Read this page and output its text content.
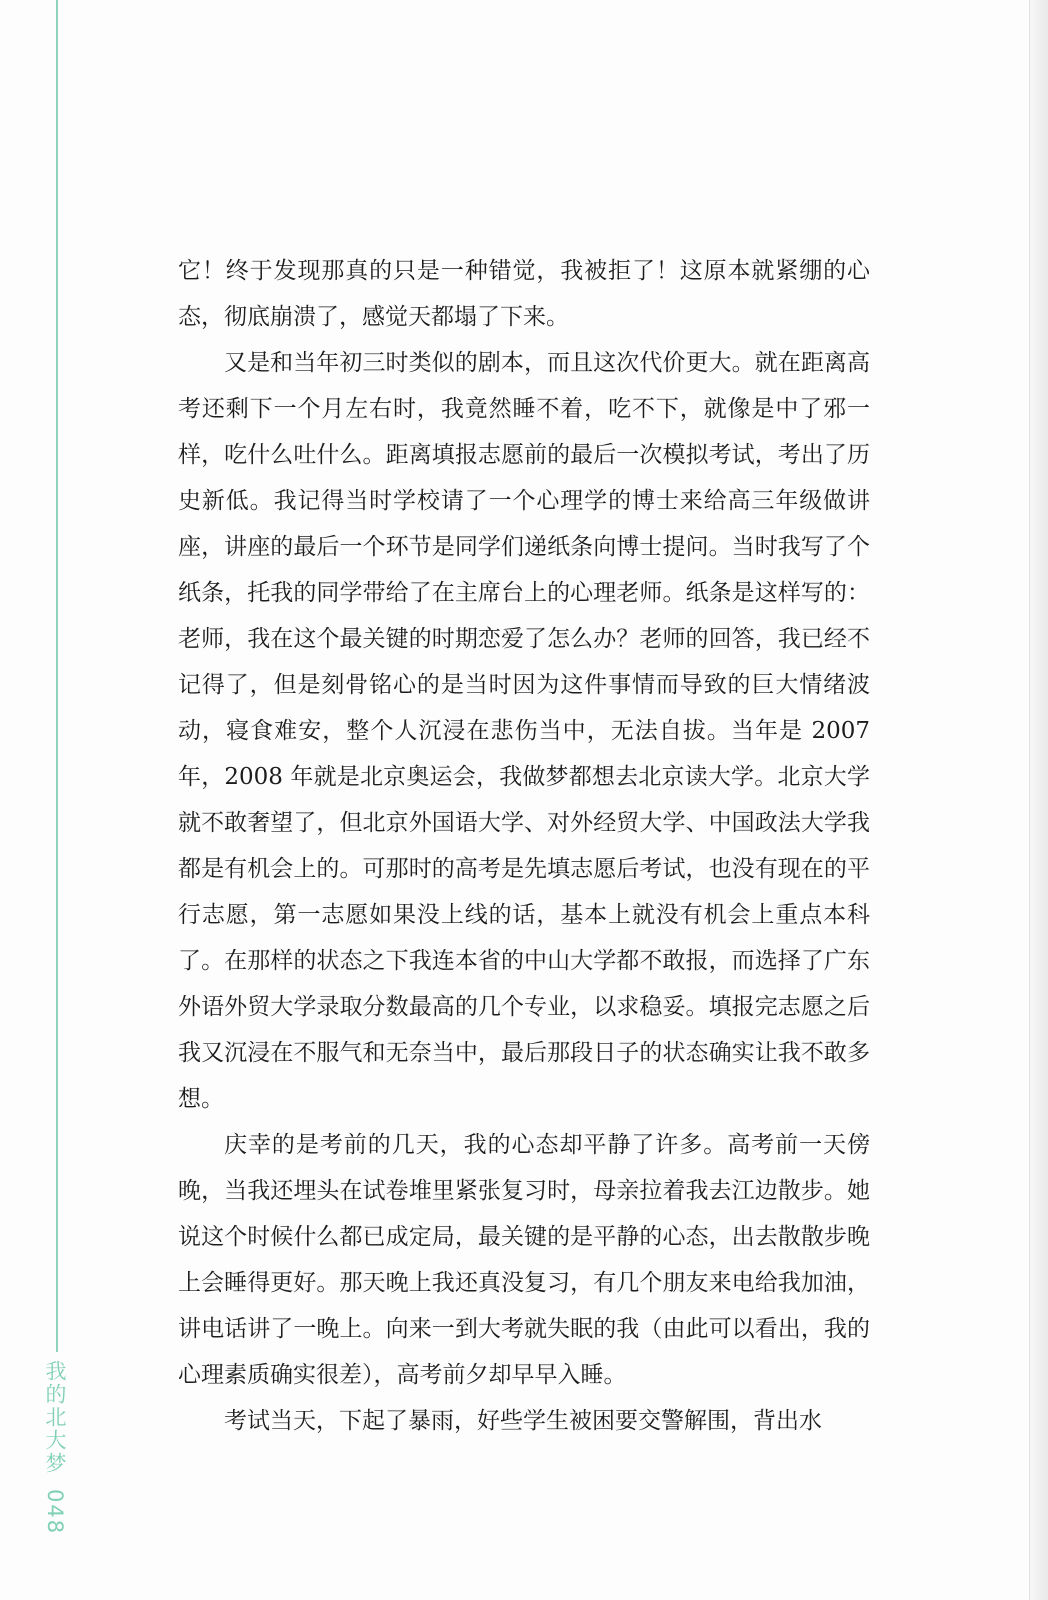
我的北大梦048

它！终于发现那真的只是一种错觉，我被拒了！这原本就紧绷的心态，彻底崩溃了，感觉天都塌了下来。

又是和当年初三时类似的剧本，而且这次代价更大。就在距离高考还剩下一个月左右时，我竟然睡不着，吃不下，就像是中了邪一样，吃什么吐什么。距离填报志愿前的最后一次模拟考试，考出了历史新低。我记得当时学校请了一个心理学的博士来给高三年级做讲座，讲座的最后一个环节是同学们递纸条向博士提问。当时我写了个纸条，托我的同学带给了在主席台上的心理老师。纸条是这样写的：老师，我在这个最关键的时期恋爱了怎么办？老师的回答，我已经不记得了，但是刻骨铭心的是当时因为这件事情而导致的巨大情绪波动，寝食难安，整个人沉浸在悲伤当中，无法自拔。当年是 2007 年，2008 年就是北京奥运会，我做梦都想去北京读大学。北京大学就不敢奢望了，但北京外国语大学、对外经贸大学、中国政法大学我都是有机会上的。可那时的高考是先填志愿后考试，也没有现在的平行志愿，第一志愿如果没上线的话，基本上就没有机会上重点本科了。在那样的状态之下我连本省的中山大学都不敢报，而选择了广东外语外贸大学录取分数最高的几个专业，以求稳妥。填报完志愿之后我又沉浸在不服气和无奈当中，最后那段日子的状态确实让我不敢多想。

庆幸的是考前的几天，我的心态却平静了许多。高考前一天傍晚，当我还埋头在试卷堆里紧张复习时，母亲拉着我去江边散步。她说这个时候什么都已成定局，最关键的是平静的心态，出去散散步晚上会睡得更好。那天晚上我还真没复习，有几个朋友来电给我加油，讲电话讲了一晚上。向来一到大考就失眠的我（由此可以看出，我的心理素质确实很差），高考前夕却早早入睡。

考试当天，下起了暴雨，好些学生被困要交警解围，背出水
